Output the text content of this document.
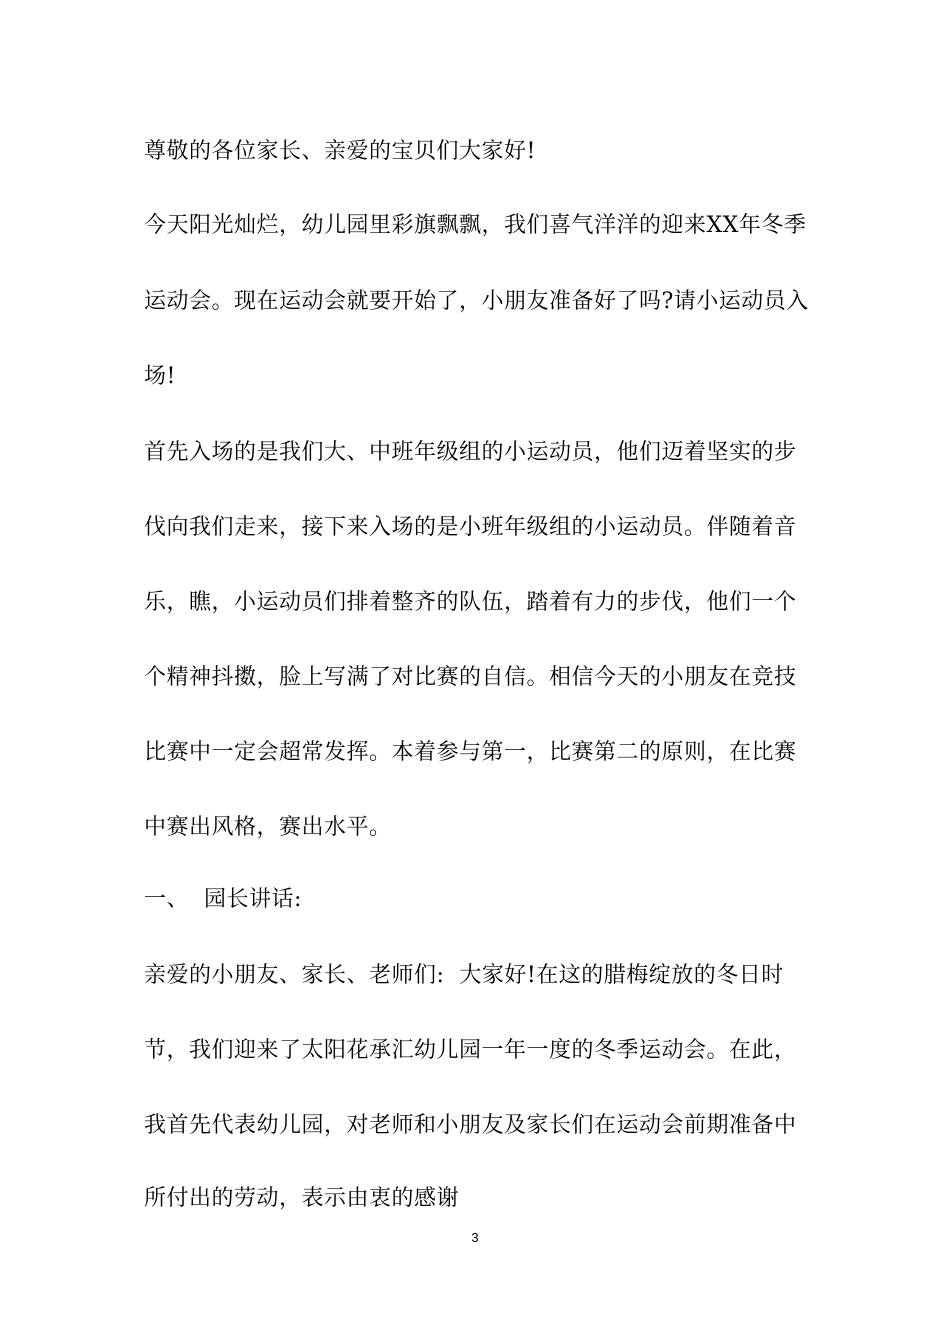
尊敬的各位家长、亲爱的宝贝们大家好!
今天阳光灿烂，幼儿园里彩旗飘飘，我们喜气洋洋的迎来XX年冬季
运动会。现在运动会就要开始了，小朋友准备好了吗?请小运动员入
场!
首先入场的是我们大、中班年级组的小运动员，他们迈着坚实的步
伐向我们走来，接下来入场的是小班年级组的小运动员。伴随着音
乐，瞧，小运动员们排着整齐的队伍，踏着有力的步伐，他们一个
个精神抖擞，脸上写满了对比赛的自信。相信今天的小朋友在竞技
比赛中一定会超常发挥。本着参与第一，比赛第二的原则，在比赛
中赛出风格，赛出水平。
一、  园长讲话:
亲爱的小朋友、家长、老师们:  大家好!在这的腊梅绽放的冬日时
节，我们迎来了太阳花承汇幼儿园一年一度的冬季运动会。在此，
我首先代表幼儿园，对老师和小朋友及家长们在运动会前期准备中
所付出的劳动，表示由衷的感谢
3
